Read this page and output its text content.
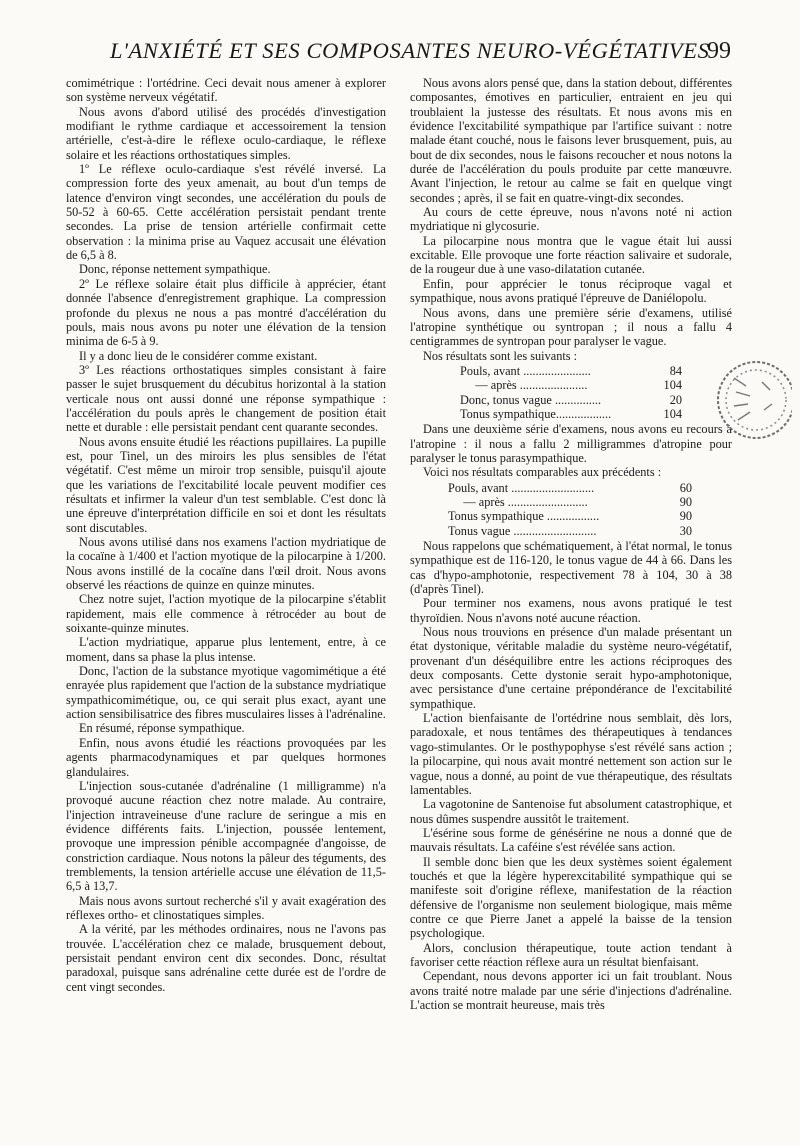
L'ANXIÉTÉ ET SES COMPOSANTES NEURO-VÉGÉTATIVES
99

comimétrique : l'ortédrine. Ceci devait nous amener à explorer son système nerveux végétatif.

Nous avons d'abord utilisé des procédés d'investigation modifiant le rythme cardiaque et accessoirement la tension artérielle, c'est-à-dire le réflexe oculo-cardiaque, le réflexe solaire et les réactions orthostatiques simples.

1º Le réflexe oculo-cardiaque s'est révélé inversé. La compression forte des yeux amenait, au bout d'un temps de latence d'environ vingt secondes, une accélération du pouls de 50-52 à 60-65. Cette accélération persistait pendant trente secondes. La prise de tension artérielle confirmait cette observation : la minima prise au Vaquez accusait une élévation de 6,5 à 8.

Donc, réponse nettement sympathique.

2º Le réflexe solaire était plus difficile à apprécier, étant donnée l'absence d'enregistrement graphique. La compression profonde du plexus ne nous a pas montré d'accélération du pouls, mais nous avons pu noter une élévation de la tension minima de 6-5 à 9.

Il y a donc lieu de le considérer comme existant.

3º Les réactions orthostatiques simples consistant à faire passer le sujet brusquement du décubitus horizontal à la station verticale nous ont aussi donné une réponse sympathique : l'accélération du pouls après le changement de position était nette et durable : elle persistait pendant cent quarante secondes.

Nous avons ensuite étudié les réactions pupillaires. La pupille est, pour Tinel, un des miroirs les plus sensibles de l'état végétatif. C'est même un miroir trop sensible, puisqu'il ajoute que les variations de l'excitabilité locale peuvent modifier ces résultats et infirmer la valeur d'un test semblable. C'est donc là une épreuve d'interprétation difficile en soi et dont les résultats sont discutables.

Nous avons utilisé dans nos examens l'action mydriatique de la cocaïne à 1/400 et l'action myotique de la pilocarpine à 1/200. Nous avons instillé de la cocaïne dans l'œil droit. Nous avons observé les réactions de quinze en quinze minutes.

Chez notre sujet, l'action myotique de la pilocarpine s'établit rapidement, mais elle commence à rétrocéder au bout de soixante-quinze minutes.

L'action mydriatique, apparue plus lentement, entre, à ce moment, dans sa phase la plus intense.

Donc, l'action de la substance myotique vagomimétique a été enrayée plus rapidement que l'action de la substance mydriatique sympathicomimétique, ou, ce qui serait plus exact, ayant une action sensibilisatrice des fibres musculaires lisses à l'adrénaline.

En résumé, réponse sympathique.

Enfin, nous avons étudié les réactions provoquées par les agents pharmacodynamiques et par quelques hormones glandulaires.

L'injection sous-cutanée d'adrénaline (1 milligramme) n'a provoqué aucune réaction chez notre malade. Au contraire, l'injection intraveineuse d'une raclure de seringue a mis en évidence différents faits. L'injection, poussée lentement, provoque une impression pénible accompagnée d'angoisse, de constriction cardiaque. Nous notons la pâleur des téguments, des tremblements, la tension artérielle accuse une élévation de 11,5-6,5 à 13,7.

Mais nous avons surtout recherché s'il y avait exagération des réflexes ortho- et clinostatiques simples.

A la vérité, par les méthodes ordinaires, nous ne l'avons pas trouvée. L'accélération chez ce malade, brusquement debout, persistait pendant environ cent dix secondes. Donc, résultat paradoxal, puisque sans adrénaline cette durée est de l'ordre de cent vingt secondes.

Nous avons alors pensé que, dans la station debout, différentes composantes, émotives en particulier, entraient en jeu qui troublaient la justesse des résultats. Et nous avons mis en évidence l'excitabilité sympathique par l'artifice suivant : notre malade étant couché, nous le faisons lever brusquement, puis, au bout de dix secondes, nous le faisons recoucher et nous notons la durée de l'accélération du pouls produite par cette manœuvre. Avant l'injection, le retour au calme se fait en quelque vingt secondes ; après, il se fait en quatre-vingt-dix secondes.

Au cours de cette épreuve, nous n'avons noté ni action mydriatique ni glycosurie.

La pilocarpine nous montra que le vague était lui aussi excitable. Elle provoque une forte réaction salivaire et sudorale, de la rougeur due à une vaso-dilatation cutanée.

Enfin, pour apprécier le tonus réciproque vagal et sympathique, nous avons pratiqué l'épreuve de Daniélopolu.

Nous avons, dans une première série d'examens, utilisé l'atropine synthétique ou syntropan ; il nous a fallu 4 centigrammes de syntropan pour paralyser le vague.

Nos résultats sont les suivants :

Pouls, avant ......................	84
— après ......................	104
Donc, tonus vague ...............	20
Tonus sympathique..................	104

Dans une deuxième série d'examens, nous avons eu recours à l'atropine : il nous a fallu 2 milligrammes d'atropine pour paralyser le tonus parasympathique.

Voici nos résultats comparables aux précédents :

Pouls, avant ...........................	60
— après ..........................	90
Tonus sympathique .................	90
Tonus vague ...........................	30

Nous rappelons que schématiquement, à l'état normal, le tonus sympathique est de 116-120, le tonus vague de 44 à 66. Dans les cas d'hypo-amphotonie, respectivement 78 à 104, 30 à 38 (d'après Tinel).

Pour terminer nos examens, nous avons pratiqué le test thyroïdien. Nous n'avons noté aucune réaction.

Nous nous trouvions en présence d'un malade présentant un état dystonique, véritable maladie du système neuro-végétatif, provenant d'un déséquilibre entre les actions réciproques des deux composants. Cette dystonie serait hypo-amphotonique, avec persistance d'une certaine prépondérance de l'excitabilité sympathique.

L'action bienfaisante de l'ortédrine nous semblait, dès lors, paradoxale, et nous tentâmes des thérapeutiques à tendances vago-stimulantes. Or le posthypophyse s'est révélé sans action ; la pilocarpine, qui nous avait montré nettement son action sur le vague, nous a donné, au point de vue thérapeutique, des résultats lamentables.

La vagotonine de Santenoise fut absolument catastrophique, et nous dûmes suspendre aussitôt le traitement.

L'ésérine sous forme de génésérine ne nous a donné que de mauvais résultats. La caféine s'est révélée sans action.

Il semble donc bien que les deux systèmes soient également touchés et que la légère hyperexcitabilité sympathique qui se manifeste soit d'origine réflexe, manifestation de la réaction défensive de l'organisme non seulement biologique, mais même contre ce que Pierre Janet a appelé la baisse de la tension psychologique.

Alors, conclusion thérapeutique, toute action tendant à favoriser cette réaction réflexe aura un résultat bienfaisant.

Cependant, nous devons apporter ici un fait troublant. Nous avons traité notre malade par une série d'injections d'adrénaline. L'action se montrait heureuse, mais très
